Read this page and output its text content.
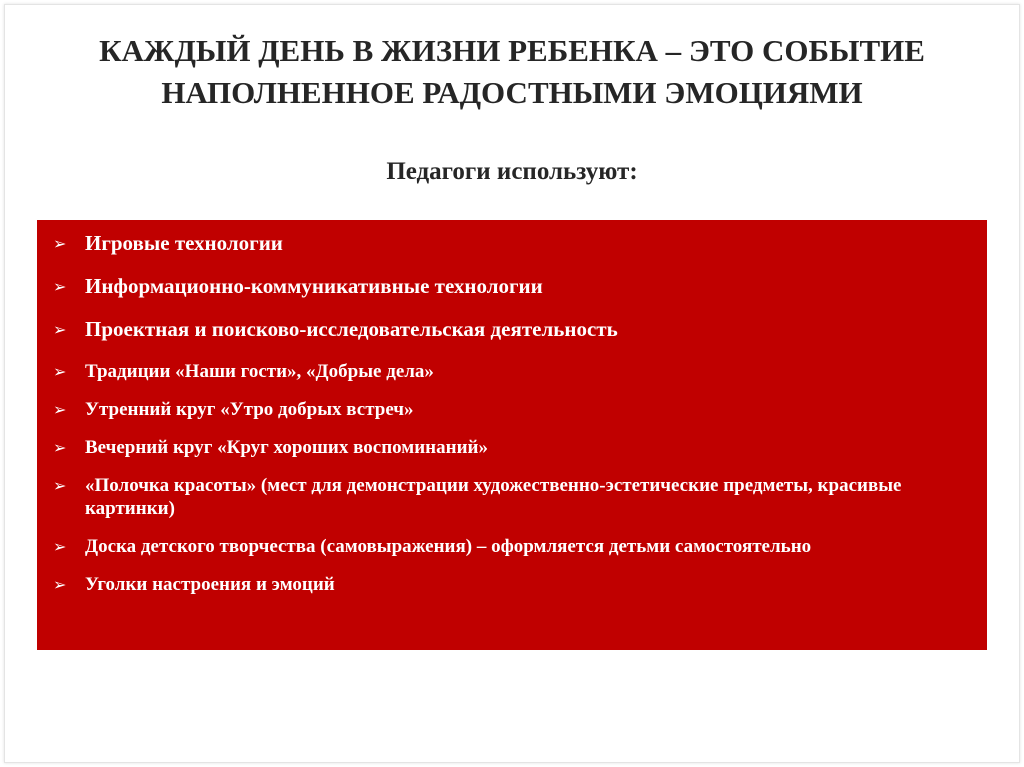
КАЖДЫЙ ДЕНЬ В ЖИЗНИ РЕБЕНКА – ЭТО СОБЫТИЕ
НАПОЛНЕННОЕ РАДОСТНЫМИ ЭМОЦИЯМИ
Педагоги используют:
➢ Игровые технологии
➢ Информационно-коммуникативные технологии
➢ Проектная и поисково-исследовательская деятельность
➢ Традиции «Наши гости», «Добрые дела»
➢ Утренний круг «Утро добрых встреч»
➢ Вечерний круг «Круг хороших воспоминаний»
➢ «Полочка красоты» (мест для демонстрации художественно-эстетические предметы, красивые картинки)
➢ Доска детского творчества (самовыражения) – оформляется детьми самостоятельно
➢ Уголки настроения и эмоций
